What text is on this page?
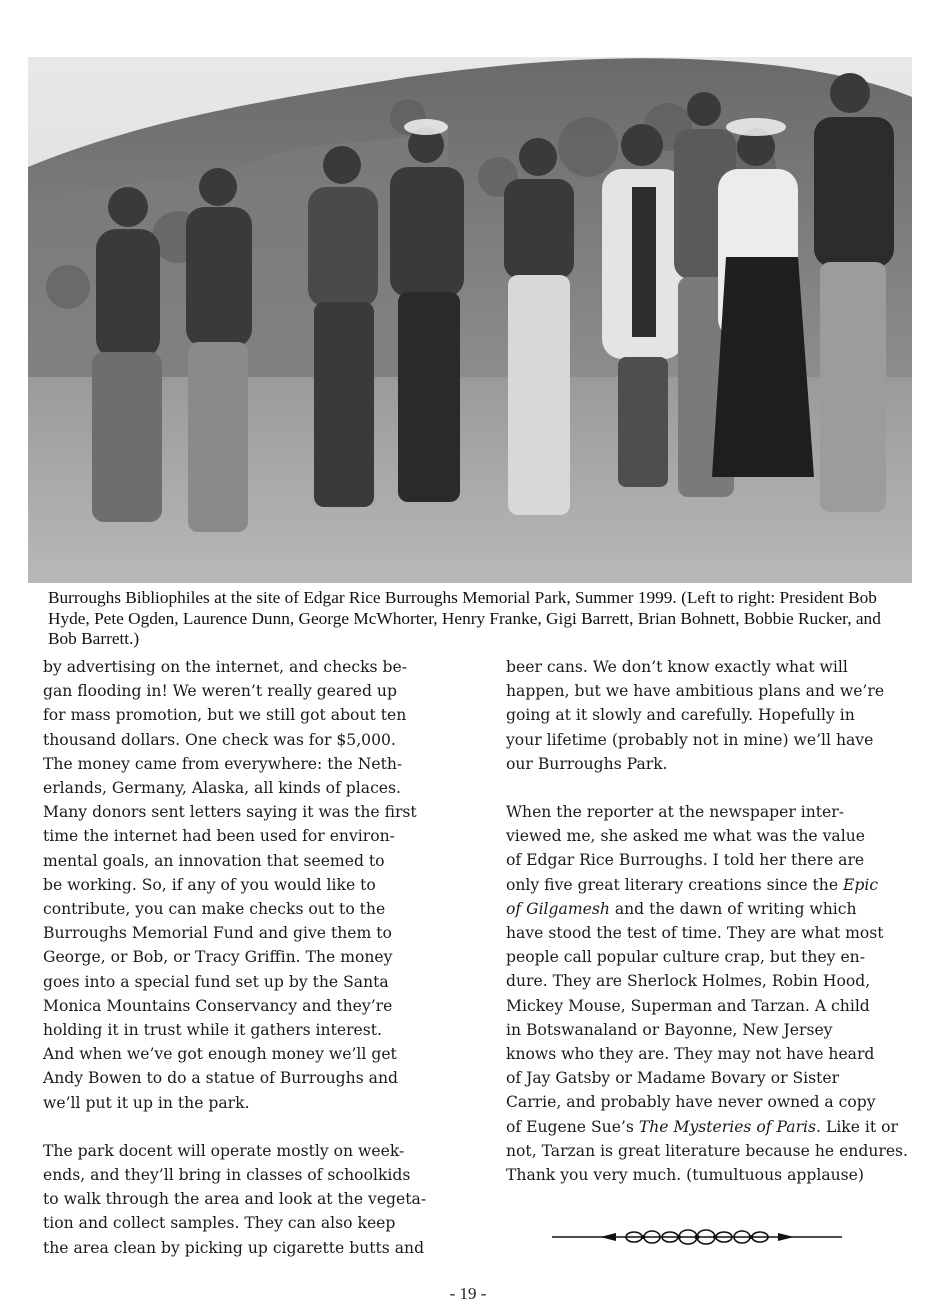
Burroughs Bibliophiles at the site of Edgar Rice Burroughs Memorial Park, Summer 1999. (Left to right: President Bob Hyde, Pete Ogden, Laurence Dunn, George McWhorter, Henry Franke, Gigi Barrett, Brian Bohnett, Bobbie Rucker, and Bob Barrett.)

by advertising on the internet, and checks be-

gan flooding in! We weren’t really geared up

for mass promotion, but we still got about ten

thousand dollars. One check was for $5,000.

The money came from everywhere: the Neth-

erlands, Germany, Alaska, all kinds of places.

Many donors sent letters saying it was the first

time the internet had been used for environ-

mental goals, an innovation that seemed to

be working. So, if any of you would like to

contribute, you can make checks out to the

Burroughs Memorial Fund and give them to

George, or Bob, or Tracy Griffin. The money

goes into a special fund set up by the Santa

Monica Mountains Conservancy and they’re

holding it in trust while it gathers interest.

And when we’ve got enough money we’ll get

Andy Bowen to do a statue of Burroughs and

we’ll put it up in the park.

The park docent will operate mostly on week-

ends, and they’ll bring in classes of schoolkids

to walk through the area and look at the vegeta-

tion and collect samples. They can also keep

the area clean by picking up cigarette butts and

beer cans. We don’t know exactly what will

happen, but we have ambitious plans and we’re

going at it slowly and carefully. Hopefully in

your lifetime (probably not in mine) we’ll have

our Burroughs Park.

When the reporter at the newspaper inter-

viewed me, she asked me what was the value

of Edgar Rice Burroughs. I told her there are

only five great literary creations since the Epic

of Gilgamesh and the dawn of writing which

have stood the test of time. They are what most

people call popular culture crap, but they en-

dure. They are Sherlock Holmes, Robin Hood,

Mickey Mouse, Superman and Tarzan. A child

in Botswanaland or Bayonne, New Jersey

knows who they are. They may not have heard

of Jay Gatsby or Madame Bovary or Sister

Carrie, and probably have never owned a copy

of Eugene Sue’s The Mysteries of Paris. Like it or

not, Tarzan is great literature because he endures.

Thank you very much. (tumultuous applause)

- 19 -
